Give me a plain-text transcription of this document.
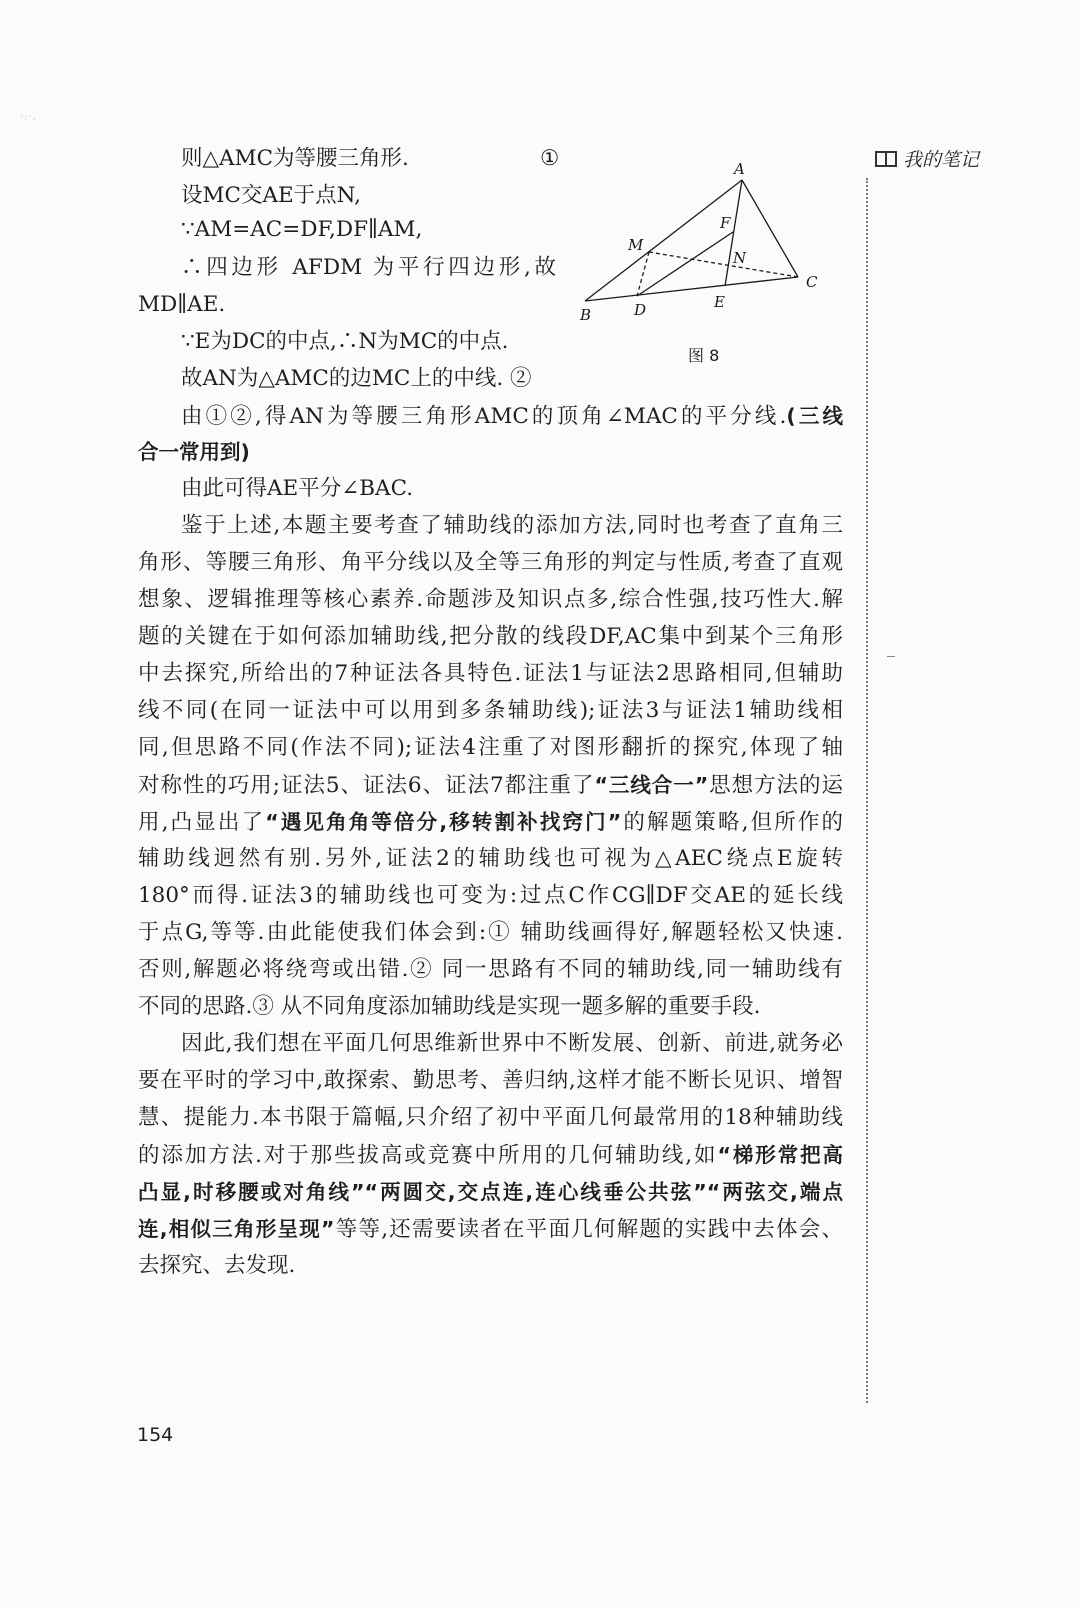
·:·.
则△AMC为等腰三角形.	①
设MC交AE于点N,
∵AM=AC=DF,DF∥AM,
∴四边形 AFDM 为平行四边形,故
MD∥AE.
∵E为DC的中点,∴N为MC的中点.
故AN为△AMC的边MC上的中线. ②
由①②,得AN为等腰三角形AMC的顶角∠MAC的平分线.(三线
合一常用到)
由此可得AE平分∠BAC.
鉴于上述,本题主要考查了辅助线的添加方法,同时也考查了直角三
角形、等腰三角形、角平分线以及全等三角形的判定与性质,考查了直观
想象、逻辑推理等核心素养.命题涉及知识点多,综合性强,技巧性大.解
题的关键在于如何添加辅助线,把分散的线段DF,AC集中到某个三角形
中去探究,所给出的7种证法各具特色.证法1与证法2思路相同,但辅助
线不同(在同一证法中可以用到多条辅助线);证法3与证法1辅助线相
同,但思路不同(作法不同);证法4注重了对图形翻折的探究,体现了轴
对称性的巧用;证法5、证法6、证法7都注重了“三线合一”思想方法的运
用,凸显出了“遇见角角等倍分,移转割补找窍门”的解题策略,但所作的
辅助线迥然有别.另外,证法2的辅助线也可视为△AEC绕点E旋转
180°而得.证法3的辅助线也可变为:过点C作CG∥DF交AE的延长线
于点G,等等.由此能使我们体会到:① 辅助线画得好,解题轻松又快速.
否则,解题必将绕弯或出错.② 同一思路有不同的辅助线,同一辅助线有
不同的思路.③ 从不同角度添加辅助线是实现一题多解的重要手段.
因此,我们想在平面几何思维新世界中不断发展、创新、前进,就务必
要在平时的学习中,敢探索、勤思考、善归纳,这样才能不断长见识、增智
慧、提能力.本书限于篇幅,只介绍了初中平面几何最常用的18种辅助线
的添加方法.对于那些拔高或竞赛中所用的几何辅助线,如“梯形常把高
凸显,时移腰或对角线”“两圆交,交点连,连心线垂公共弦”“两弦交,端点
连,相似三角形呈现”等等,还需要读者在平面几何解题的实践中去体会、
去探究、去发现.
A
B
C
D	E
F
M
N
图 8
我的笔记
154
